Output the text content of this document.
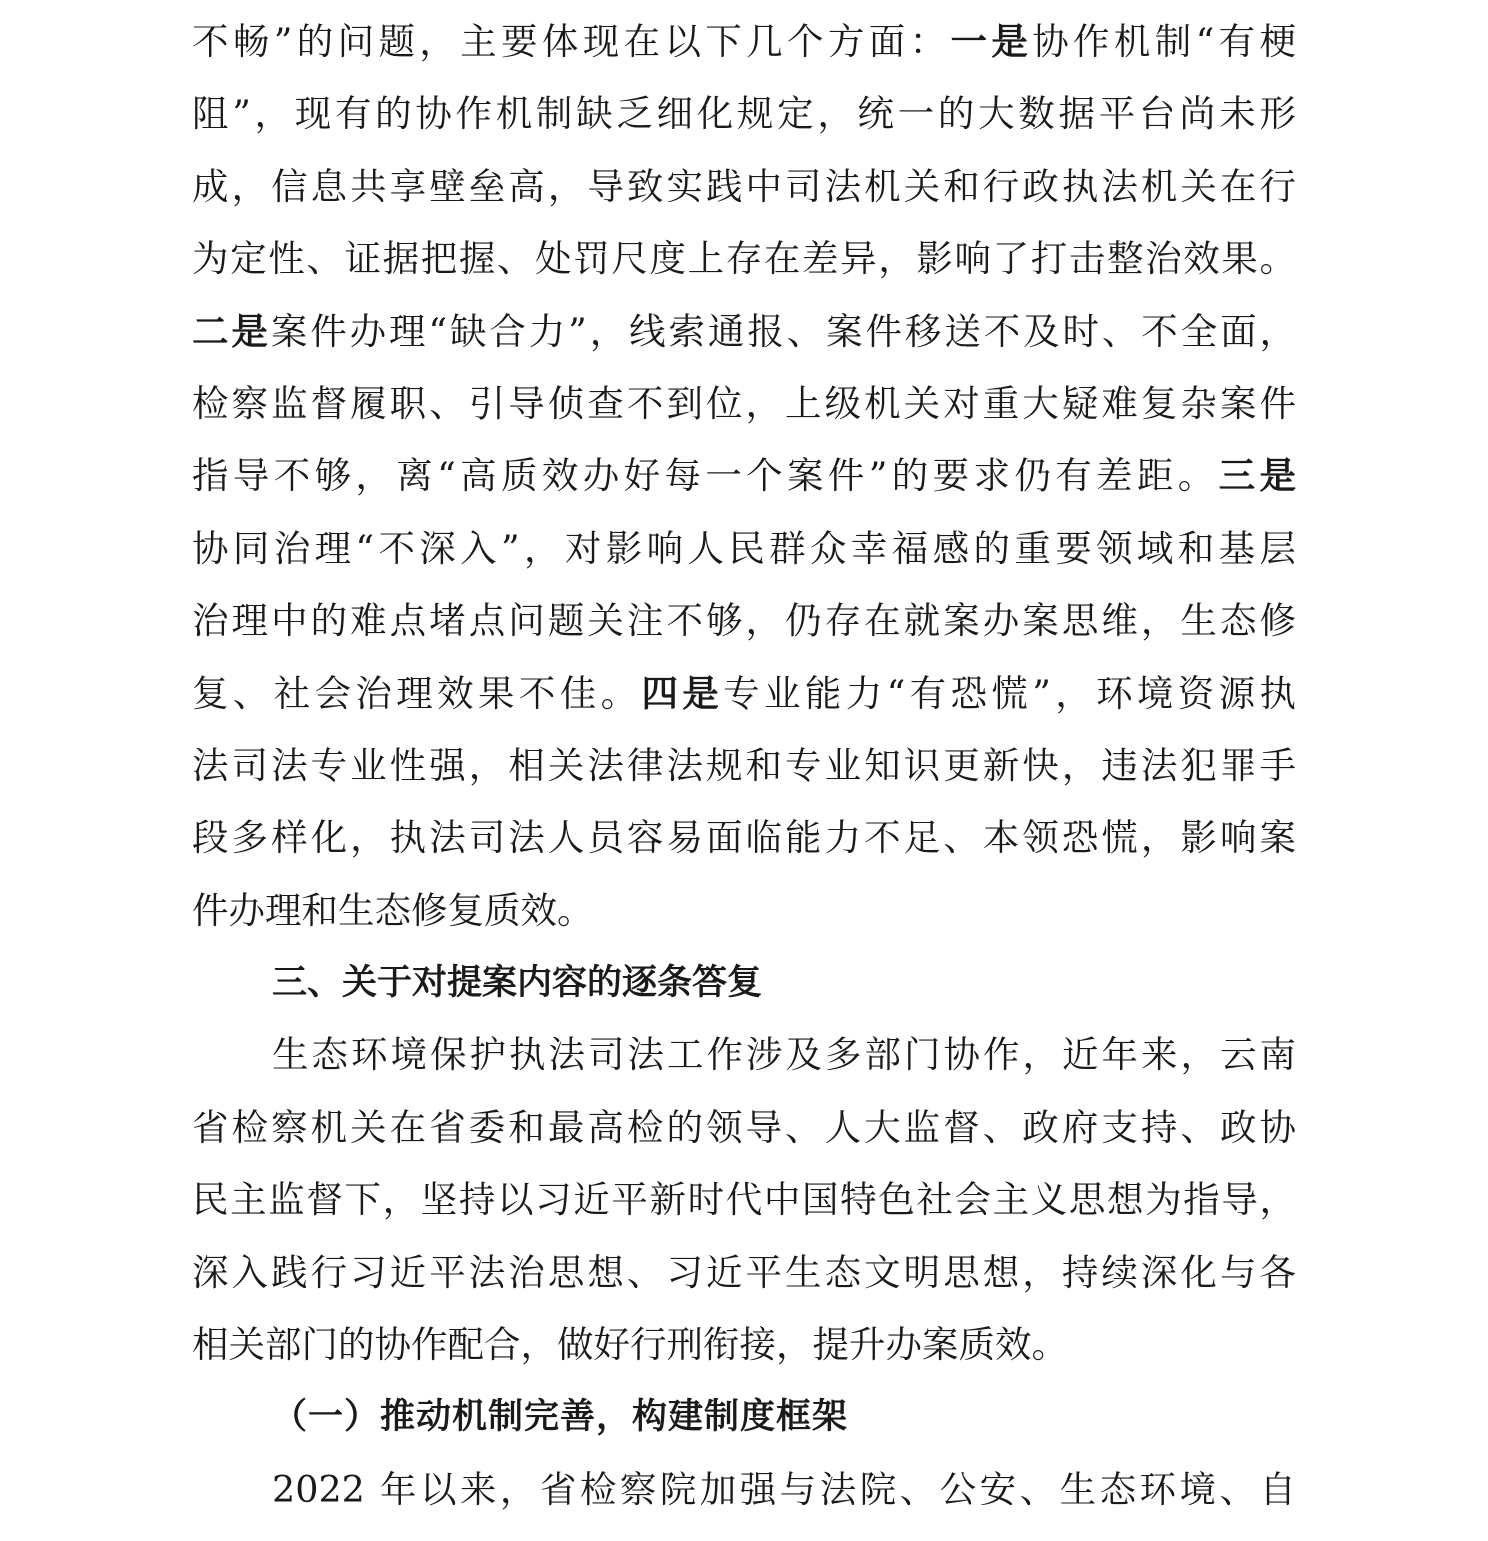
不畅”的问题，主要体现在以下几个方面：一是协作机制“有梗
阻”，现有的协作机制缺乏细化规定，统一的大数据平台尚未形
成，信息共享壁垒高，导致实践中司法机关和行政执法机关在行
为定性、证据把握、处罚尺度上存在差异，影响了打击整治效果。
二是案件办理“缺合力”，线索通报、案件移送不及时、不全面，
检察监督履职、引导侦查不到位，上级机关对重大疑难复杂案件
指导不够，离“高质效办好每一个案件”的要求仍有差距。三是
协同治理“不深入”，对影响人民群众幸福感的重要领域和基层
治理中的难点堵点问题关注不够，仍存在就案办案思维，生态修
复、社会治理效果不佳。四是专业能力“有恐慌”，环境资源执
法司法专业性强，相关法律法规和专业知识更新快，违法犯罪手
段多样化，执法司法人员容易面临能力不足、本领恐慌，影响案
件办理和生态修复质效。
三、关于对提案内容的逐条答复
生态环境保护执法司法工作涉及多部门协作，近年来，云南
省检察机关在省委和最高检的领导、人大监督、政府支持、政协
民主监督下，坚持以习近平新时代中国特色社会主义思想为指导，
深入践行习近平法治思想、习近平生态文明思想，持续深化与各
相关部门的协作配合，做好行刑衔接，提升办案质效。
（一）推动机制完善，构建制度框架
2022 年以来，省检察院加强与法院、公安、生态环境、自
